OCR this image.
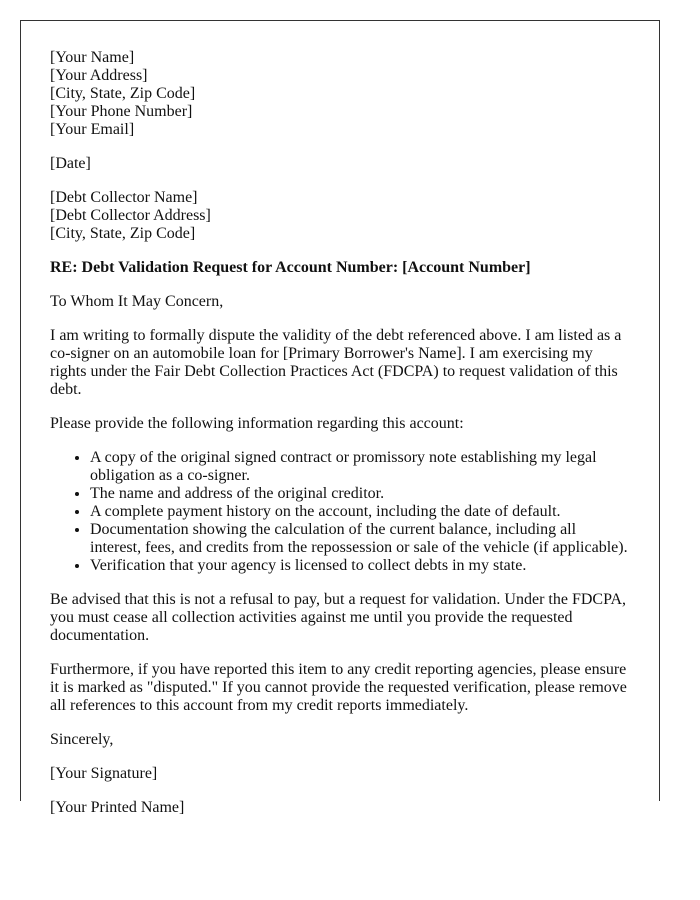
[Your Name]
[Your Address]
[City, State, Zip Code]
[Your Phone Number]
[Your Email]

[Date]

[Debt Collector Name]
[Debt Collector Address]
[City, State, Zip Code]

RE: Debt Validation Request for Account Number: [Account Number]

To Whom It May Concern,

I am writing to formally dispute the validity of the debt referenced above. I am listed as a co-signer on an automobile loan for [Primary Borrower's Name]. I am exercising my rights under the Fair Debt Collection Practices Act (FDCPA) to request validation of this debt.

Please provide the following information regarding this account:

• A copy of the original signed contract or promissory note establishing my legal obligation as a co-signer.
• The name and address of the original creditor.
• A complete payment history on the account, including the date of default.
• Documentation showing the calculation of the current balance, including all interest, fees, and credits from the repossession or sale of the vehicle (if applicable).
• Verification that your agency is licensed to collect debts in my state.

Be advised that this is not a refusal to pay, but a request for validation. Under the FDCPA, you must cease all collection activities against me until you provide the requested documentation.

Furthermore, if you have reported this item to any credit reporting agencies, please ensure it is marked as "disputed." If you cannot provide the requested verification, please remove all references to this account from my credit reports immediately.

Sincerely,

[Your Signature]

[Your Printed Name]
